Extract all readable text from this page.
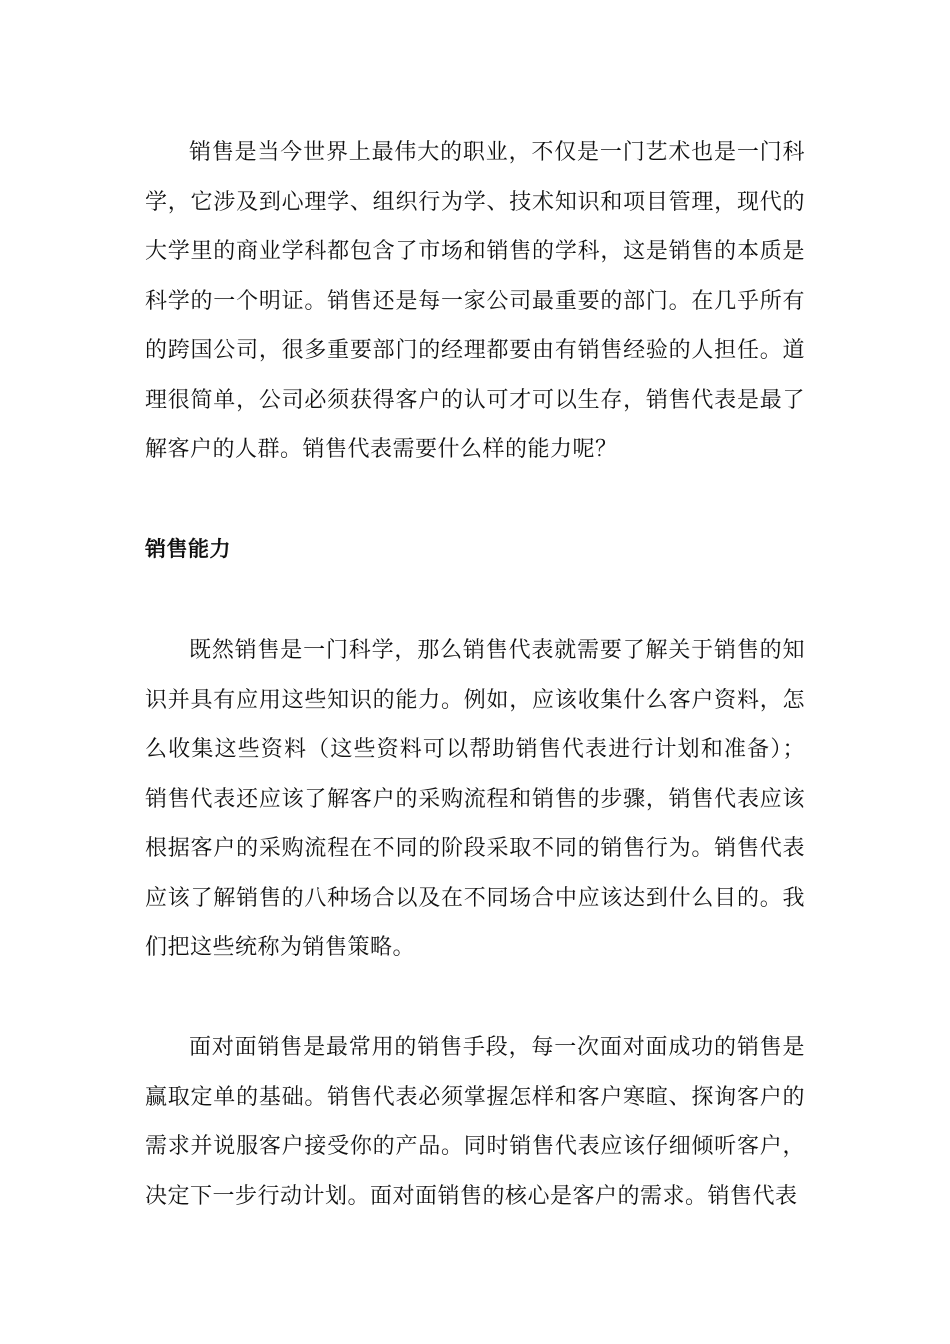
销售是当今世界上最伟大的职业，不仅是一门艺术也是一门科学，它涉及到心理学、组织行为学、技术知识和项目管理，现代的大学里的商业学科都包含了市场和销售的学科，这是销售的本质是科学的一个明证。销售还是每一家公司最重要的部门。在几乎所有的跨国公司，很多重要部门的经理都要由有销售经验的人担任。道理很简单，公司必须获得客户的认可才可以生存，销售代表是最了解客户的人群。销售代表需要什么样的能力呢？

销售能力

既然销售是一门科学，那么销售代表就需要了解关于销售的知识并具有应用这些知识的能力。例如，应该收集什么客户资料，怎么收集这些资料（这些资料可以帮助销售代表进行计划和准备）；销售代表还应该了解客户的采购流程和销售的步骤，销售代表应该根据客户的采购流程在不同的阶段采取不同的销售行为。销售代表应该了解销售的八种场合以及在不同场合中应该达到什么目的。我们把这些统称为销售策略。

面对面销售是最常用的销售手段，每一次面对面成功的销售是赢取定单的基础。销售代表必须掌握怎样和客户寒暄、探询客户的需求并说服客户接受你的产品。同时销售代表应该仔细倾听客户，决定下一步行动计划。面对面销售的核心是客户的需求。销售代表
